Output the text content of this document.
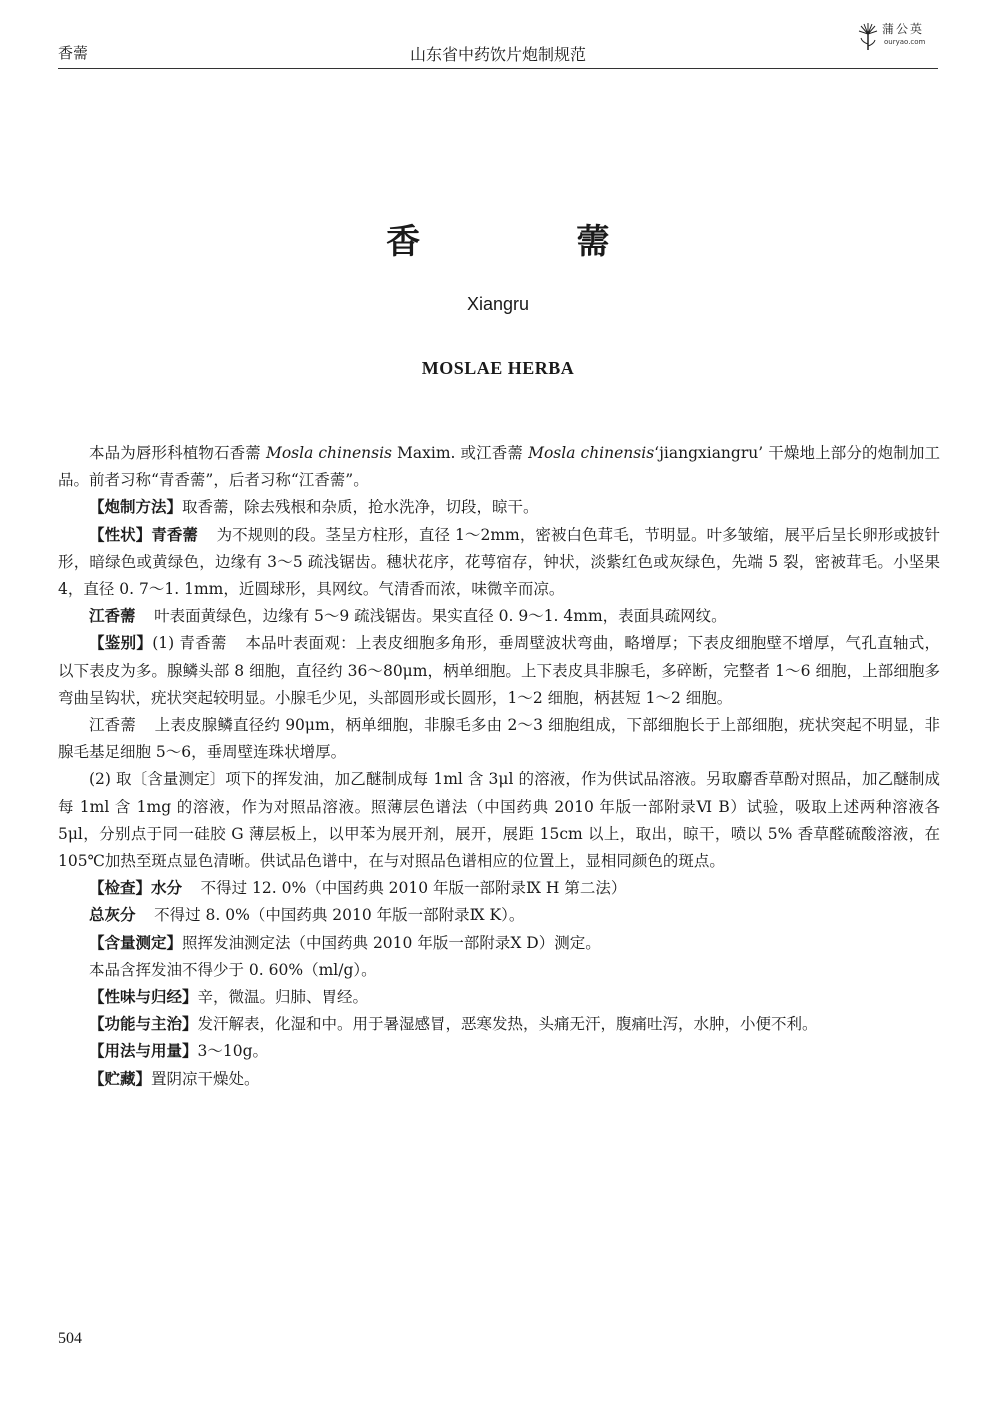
香薷	山东省中药饮片炮制规范
蒲公英
ouryao.com
香 薷
Xiangru
MOSLAE HERBA

本品为唇形科植物石香薷 Mosla chinensis Maxim. 或江香薷 Mosla chinensis‘jiangxiangru’ 干燥地上部分的炮制加工品。前者习称“青香薷”，后者习称“江香薷”。

【炮制方法】取香薷，除去残根和杂质，抢水洗净，切段，晾干。

【性状】青香薷 为不规则的段。茎呈方柱形，直径 1～2mm，密被白色茸毛，节明显。叶多皱缩，展平后呈长卵形或披针形，暗绿色或黄绿色，边缘有 3～5 疏浅锯齿。穗状花序，花萼宿存，钟状，淡紫红色或灰绿色，先端 5 裂，密被茸毛。小坚果 4，直径 0. 7～1. 1mm，近圆球形，具网纹。气清香而浓，味微辛而凉。

江香薷 叶表面黄绿色，边缘有 5～9 疏浅锯齿。果实直径 0. 9～1. 4mm，表面具疏网纹。

【鉴别】(1) 青香薷 本品叶表面观：上表皮细胞多角形，垂周壁波状弯曲，略增厚；下表皮细胞壁不增厚，气孔直轴式，以下表皮为多。腺鳞头部 8 细胞，直径约 36～80μm，柄单细胞。上下表皮具非腺毛，多碎断，完整者 1～6 细胞，上部细胞多弯曲呈钩状，疣状突起较明显。小腺毛少见，头部圆形或长圆形，1～2 细胞，柄甚短 1～2 细胞。

江香薷 上表皮腺鳞直径约 90μm，柄单细胞，非腺毛多由 2～3 细胞组成，下部细胞长于上部细胞，疣状突起不明显，非腺毛基足细胞 5～6，垂周壁连珠状增厚。

(2) 取〔含量测定〕项下的挥发油，加乙醚制成每 1ml 含 3μl 的溶液，作为供试品溶液。另取麝香草酚对照品，加乙醚制成每 1ml 含 1mg 的溶液，作为对照品溶液。照薄层色谱法（中国药典 2010 年版一部附录Ⅵ B）试验，吸取上述两种溶液各 5μl，分别点于同一硅胶 G 薄层板上，以甲苯为展开剂，展开，展距 15cm 以上，取出，晾干，喷以 5% 香草醛硫酸溶液，在 105℃加热至斑点显色清晰。供试品色谱中，在与对照品色谱相应的位置上，显相同颜色的斑点。

【检查】水分 不得过 12. 0%（中国药典 2010 年版一部附录Ⅸ H 第二法）

总灰分 不得过 8. 0%（中国药典 2010 年版一部附录Ⅸ K）。

【含量测定】照挥发油测定法（中国药典 2010 年版一部附录Ⅹ D）测定。

本品含挥发油不得少于 0. 60%（ml/g）。

【性味与归经】辛，微温。归肺、胃经。

【功能与主治】发汗解表，化湿和中。用于暑湿感冒，恶寒发热，头痛无汗，腹痛吐泻，水肿，小便不利。

【用法与用量】3～10g。

【贮藏】置阴凉干燥处。

504
